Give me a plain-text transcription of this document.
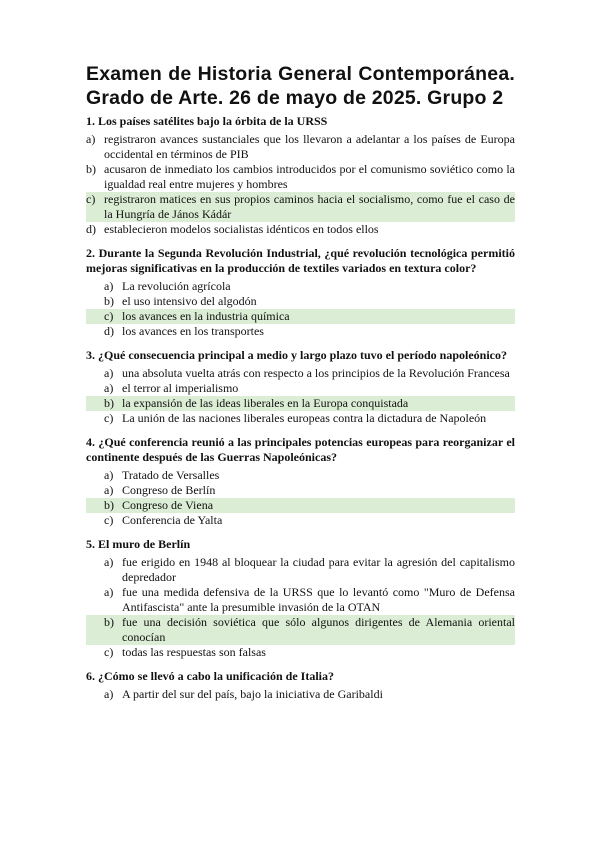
Examen de Historia General Contemporánea. Grado de Arte. 26 de mayo de 2025. Grupo 2

1. Los países satélites bajo la órbita de la URSS

a) registraron avances sustanciales que los llevaron a adelantar a los países de Europa occidental en términos de PIB
b) acusaron de inmediato los cambios introducidos por el comunismo soviético como la igualdad real entre mujeres y hombres
c) registraron matices en sus propios caminos hacia el socialismo, como fue el caso de la Hungría de János Kádár
d) establecieron modelos socialistas idénticos en todos ellos

2. Durante la Segunda Revolución Industrial, ¿qué revolución tecnológica permitió mejoras significativas en la producción de textiles variados en textura color?

a) La revolución agrícola
b) el uso intensivo del algodón
c) los avances en la industria química
d) los avances en los transportes

3. ¿Qué consecuencia principal a medio y largo plazo tuvo el período napoleónico?

a) una absoluta vuelta atrás con respecto a los principios de la Revolución Francesa
a) el terror al imperialismo
b) la expansión de las ideas liberales en la Europa conquistada
c) La unión de las naciones liberales europeas contra la dictadura de Napoleón

4. ¿Qué conferencia reunió a las principales potencias europeas para reorganizar el continente después de las Guerras Napoleónicas?

a) Tratado de Versalles
a) Congreso de Berlín
b) Congreso de Viena
c) Conferencia de Yalta

5. El muro de Berlín

a) fue erigido en 1948 al bloquear la ciudad para evitar la agresión del capitalismo depredador
a) fue una medida defensiva de la URSS que lo levantó como "Muro de Defensa Antifascista" ante la presumible invasión de la OTAN
b) fue una decisión soviética que sólo algunos dirigentes de Alemania oriental conocían
c) todas las respuestas son falsas

6. ¿Cómo se llevó a cabo la unificación de Italia?

a) A partir del sur del país, bajo la iniciativa de Garibaldi
